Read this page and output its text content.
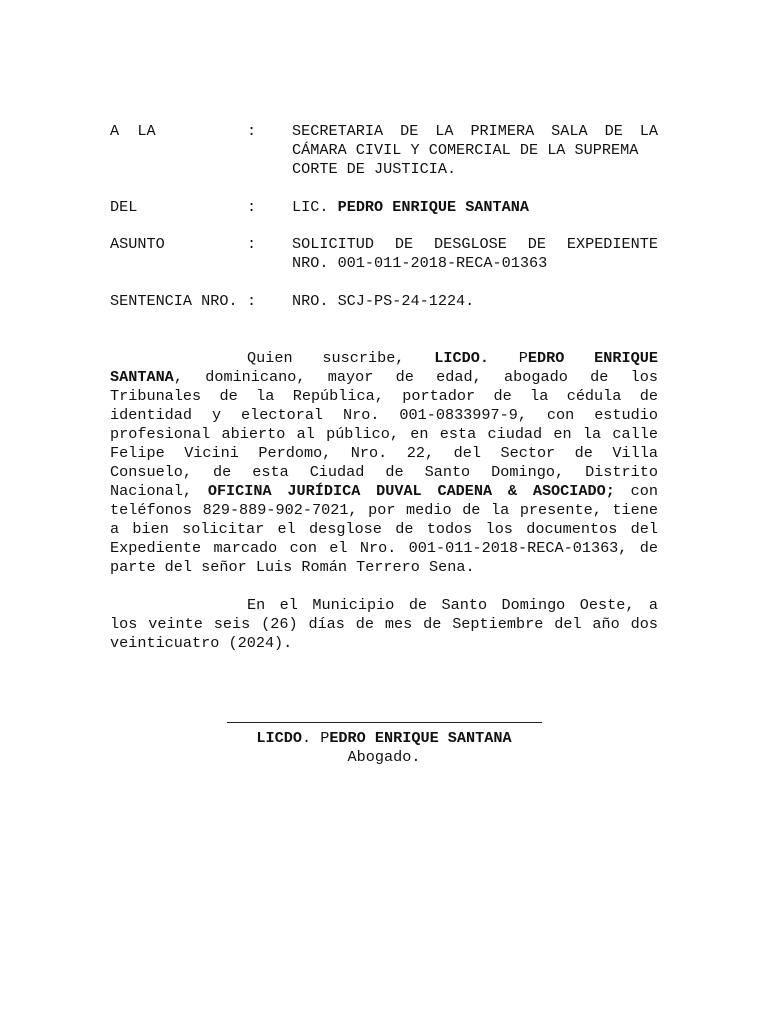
A  LA	: SECRETARIA DE LA PRIMERA SALA DE LA
CÁMARA CIVIL Y COMERCIAL DE LA SUPREMA
CORTE DE JUSTICIA.
DEL	: LIC. PEDRO ENRIQUE SANTANA
ASUNTO	: SOLICITUD DE DESGLOSE DE EXPEDIENTE
NRO. 001-011-2018-RECA-01363
SENTENCIA NRO. : NRO. SCJ-PS-24-1224.
Quien suscribe, LICDO. PEDRO ENRIQUE
SANTANA, dominicano, mayor de edad, abogado de los
Tribunales de la República, portador de la cédula de
identidad y electoral Nro. 001-0833997-9, con estudio
profesional abierto al público, en esta ciudad en la calle
Felipe Vicini Perdomo, Nro. 22, del Sector de Villa
Consuelo, de esta Ciudad de Santo Domingo, Distrito
Nacional, OFICINA JURÍDICA DUVAL CADENA & ASOCIADO; con
teléfonos 829-889-902-7021, por medio de la presente, tiene
a bien solicitar el desglose de todos los documentos del
Expediente marcado con el Nro. 001-011-2018-RECA-01363, de
parte del señor Luis Román Terrero Sena.
En el Municipio de Santo Domingo Oeste, a
los veinte seis (26) días de mes de Septiembre del año dos
veinticuatro (2024).
LICDO. PEDRO ENRIQUE SANTANA
Abogado.
